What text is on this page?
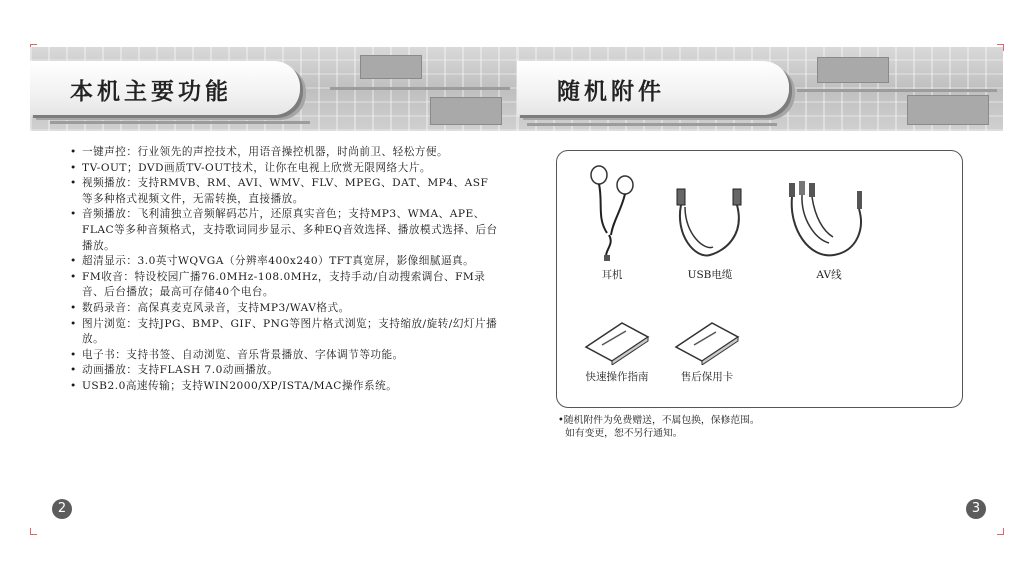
本机主要功能	随机附件
• 一键声控：行业领先的声控技术，用语音操控机器，时尚前卫、轻松方便。
• TV-OUT；DVD画质TV-OUT技术，让你在电视上欣赏无限网络大片。
• 视频播放：支持RMVB、RM、AVI、WMV、FLV、MPEG、DAT、MP4、ASF等多种格式视频文件，无需转换，直接播放。
• 音频播放：飞利浦独立音频解码芯片，还原真实音色；支持MP3、WMA、APE、FLAC等多种音频格式，支持歌词同步显示、多种EQ音效选择、播放模式选择、后台播放。
• 超清显示：3.0英寸WQVGA（分辨率400x240）TFT真宽屏，影像细腻逼真。
• FM收音：特设校园广播76.0MHz-108.0MHz，支持手动/自动搜索调台、FM录音、后台播放；最高可存储40个电台。
• 数码录音：高保真麦克风录音，支持MP3/WAV格式。
• 图片浏览：支持JPG、BMP、GIF、PNG等图片格式浏览；支持缩放/旋转/幻灯片播放。
• 电子书：支持书签、自动浏览、音乐背景播放、字体调节等功能。
• 动画播放：支持FLASH 7.0动画播放。
• USB2.0高速传输；支持WIN2000/XP/ISTA/MAC操作系统。
耳机	USB电缆	AV线
快速操作指南	售后保用卡
•随机附件为免费赠送，不属包换，保修范围。
如有变更，恕不另行通知。
2	3
